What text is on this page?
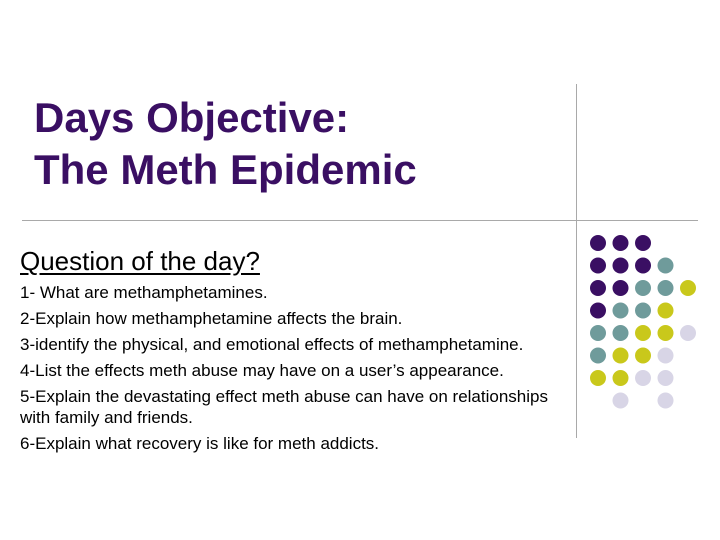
Days Objective:
The Meth Epidemic

Question of the day?

1- What are methamphetamines.
2-Explain how methamphetamine affects the brain.
3-identify the physical, and emotional effects of methamphetamine.
4-List the effects meth abuse may have on a user’s appearance.
5-Explain the devastating effect meth abuse can have on relationships with family and friends.
6-Explain what recovery is like for meth addicts.
